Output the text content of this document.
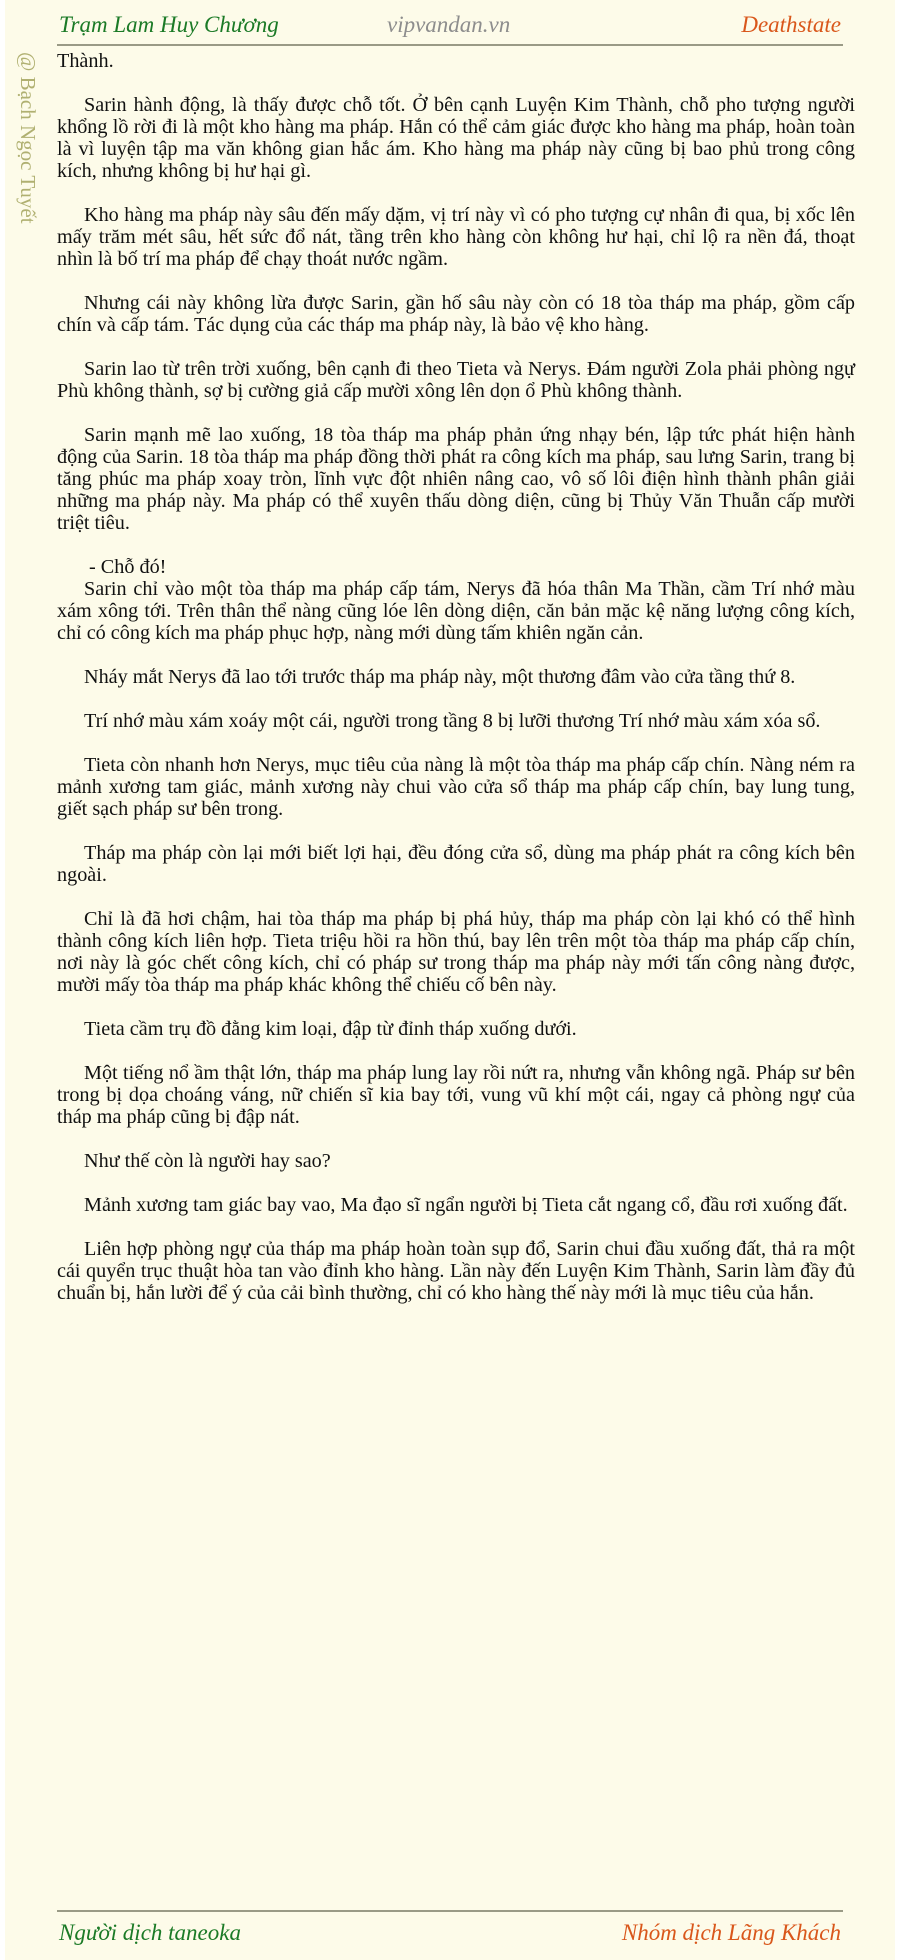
Trạm Lam Huy Chương	vipvandan.vn	Deathstate
@ Bạch Ngọc Tuyết Thành.

Sarin hành động, là thấy được chỗ tốt. Ở bên cạnh Luyện Kim Thành, chỗ pho tượng người khổng lồ rời đi là một kho hàng ma pháp. Hắn có thể cảm giác được kho hàng ma pháp, hoàn toàn là vì luyện tập ma văn không gian hắc ám. Kho hàng ma pháp này cũng bị bao phủ trong công kích, nhưng không bị hư hại gì.

Kho hàng ma pháp này sâu đến mấy dặm, vị trí này vì có pho tượng cự nhân đi qua, bị xốc lên mấy trăm mét sâu, hết sức đổ nát, tầng trên kho hàng còn không hư hại, chỉ lộ ra nền đá, thoạt nhìn là bố trí ma pháp để chạy thoát nước ngầm.

Nhưng cái này không lừa được Sarin, gần hố sâu này còn có 18 tòa tháp ma pháp, gồm cấp chín và cấp tám. Tác dụng của các tháp ma pháp này, là bảo vệ kho hàng.

Sarin lao từ trên trời xuống, bên cạnh đi theo Tieta và Nerys. Đám người Zola phải phòng ngự Phù không thành, sợ bị cường giả cấp mười xông lên dọn ổ Phù không thành.

Sarin mạnh mẽ lao xuống, 18 tòa tháp ma pháp phản ứng nhạy bén, lập tức phát hiện hành động của Sarin. 18 tòa tháp ma pháp đồng thời phát ra công kích ma pháp, sau lưng Sarin, trang bị tăng phúc ma pháp xoay tròn, lĩnh vực đột nhiên nâng cao, vô số lôi điện hình thành phân giải những ma pháp này. Ma pháp có thể xuyên thấu dòng diện, cũng bị Thủy Văn Thuẫn cấp mười triệt tiêu.

- Chỗ đó!

Sarin chỉ vào một tòa tháp ma pháp cấp tám, Nerys đã hóa thân Ma Thần, cầm Trí nhớ màu xám xông tới. Trên thân thể nàng cũng lóe lên dòng diện, căn bản mặc kệ năng lượng công kích, chỉ có công kích ma pháp phục hợp, nàng mới dùng tấm khiên ngăn cản.

Nháy mắt Nerys đã lao tới trước tháp ma pháp này, một thương đâm vào cửa tầng thứ 8.

Trí nhớ màu xám xoáy một cái, người trong tầng 8 bị lưỡi thương Trí nhớ màu xám xóa sổ.

Tieta còn nhanh hơn Nerys, mục tiêu của nàng là một tòa tháp ma pháp cấp chín. Nàng ném ra mảnh xương tam giác, mảnh xương này chui vào cửa sổ tháp ma pháp cấp chín, bay lung tung, giết sạch pháp sư bên trong.

Tháp ma pháp còn lại mới biết lợi hại, đều đóng cửa sổ, dùng ma pháp phát ra công kích bên ngoài.

Chỉ là đã hơi chậm, hai tòa tháp ma pháp bị phá hủy, tháp ma pháp còn lại khó có thể hình thành công kích liên hợp. Tieta triệu hồi ra hồn thú, bay lên trên một tòa tháp ma pháp cấp chín, nơi này là góc chết công kích, chỉ có pháp sư trong tháp ma pháp này mới tấn công nàng được, mười mấy tòa tháp ma pháp khác không thể chiếu cố bên này.

Tieta cầm trụ đồ đằng kim loại, đập từ đỉnh tháp xuống dưới.

Một tiếng nổ ầm thật lớn, tháp ma pháp lung lay rồi nứt ra, nhưng vẫn không ngã. Pháp sư bên trong bị dọa choáng váng, nữ chiến sĩ kia bay tới, vung vũ khí một cái, ngay cả phòng ngự của tháp ma pháp cũng bị đập nát.

Như thế còn là người hay sao?

Mảnh xương tam giác bay vao, Ma đạo sĩ ngẩn người bị Tieta cắt ngang cổ, đầu rơi xuống đất.

Liên hợp phòng ngự của tháp ma pháp hoàn toàn sụp đổ, Sarin chui đầu xuống đất, thả ra một cái quyển trục thuật hòa tan vào đỉnh kho hàng. Lần này đến Luyện Kim Thành, Sarin làm đầy đủ chuẩn bị, hắn lười để ý của cải bình thường, chỉ có kho hàng thế này mới là mục tiêu của hắn.

Người dịch taneoka	Nhóm dịch Lãng Khách
